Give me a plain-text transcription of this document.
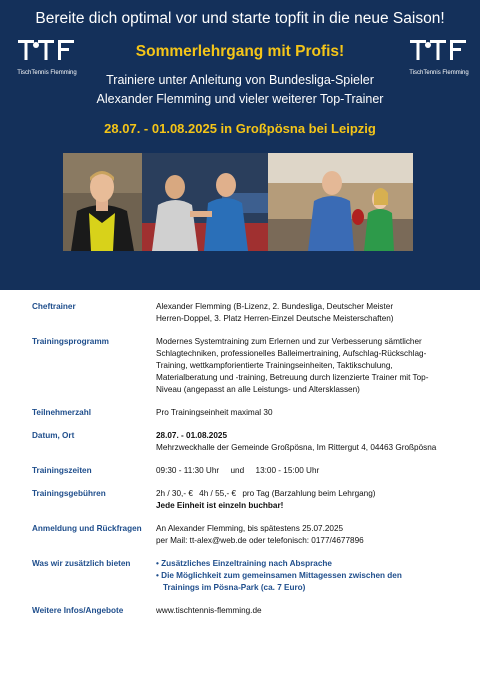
Bereite dich optimal vor und starte topfit in die neue Saison!
TischTennis Flemming	TischTennis Flemming
Sommerlehrgang mit Profis!
Trainiere unter Anleitung von Bundesliga-Spieler
Alexander Flemming und vieler weiterer Top-Trainer
28.07. - 01.08.2025 in Großpösna bei Leipzig
Cheftrainer	Alexander Flemming (B-Lizenz, 2. Bundesliga, Deutscher Meister
Herren-Doppel, 3. Platz Herren-Einzel Deutsche Meisterschaften)
Trainingsprogramm	Modernes Systemtraining zum Erlernen und zur Verbesserung sämtlicher
Schlagtechniken, professionelles Balleimertraining, Aufschlag-Rückschlag-
Training, wettkampforientierte Trainingseinheiten, Taktikschulung,
Materialberatung und -training, Betreuung durch lizenzierte Trainer mit Top-
Niveau (angepasst an alle Leistungs- und Altersklassen)
Teilnehmerzahl	Pro Trainingseinheit maximal 30
Datum, Ort	28.07. - 01.08.2025
Mehrzweckhalle der Gemeinde Großpösna, Im Rittergut 4, 04463 Großpösna
Trainingszeiten	09:30 - 11:30 Uhr     und     13:00 - 15:00 Uhr
Trainingsgebühren	2h / 30,- € 4h / 55,- € pro Tag (Barzahlung beim Lehrgang)
Jede Einheit ist einzeln buchbar!
Anmeldung und Rückfragen	An Alexander Flemming, bis spätestens 25.07.2025
per Mail: tt-alex@web.de oder telefonisch: 0177/4677896
Was wir zusätzlich bieten	• Zusätzliches Einzeltraining nach Absprache
• Die Möglichkeit zum gemeinsamen Mittagessen zwischen den
Trainings im Pösna-Park (ca. 7 Euro)
Weitere Infos/Angebote	www.tischtennis-flemming.de
